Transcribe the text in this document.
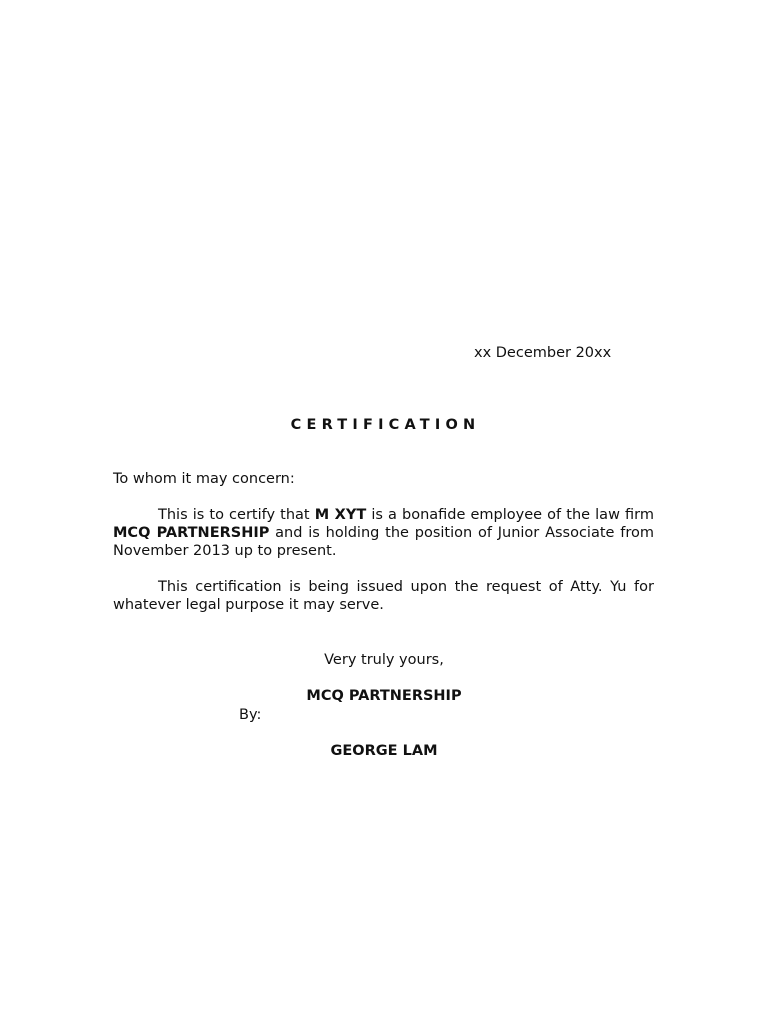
xx December 20xx
CERTIFICATION
To whom it may concern:

This is to certify that M XYT is a bonafide employee of the law firm MCQ PARTNERSHIP and is holding the position of Junior Associate from November 2013 up to present.

This certification is being issued upon the request of Atty. Yu for whatever legal purpose it may serve.

Very truly yours,
MCQ PARTNERSHIP
By:
GEORGE LAM
